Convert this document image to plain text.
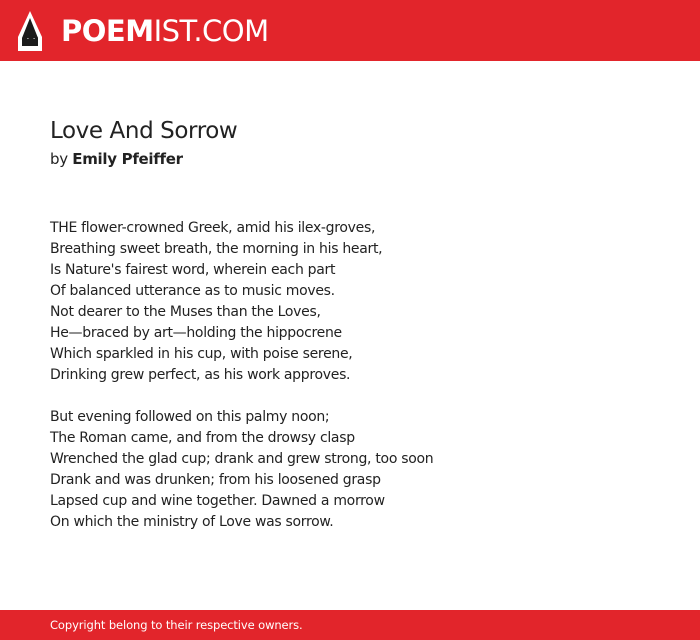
POEMIST.COM
Love And Sorrow

by Emily Pfeiffer

THE flower-crowned Greek, amid his ilex-groves,
Breathing sweet breath, the morning in his heart,
Is Nature's fairest word, wherein each part
Of balanced utterance as to music moves.
Not dearer to the Muses than the Loves,
He—braced by art—holding the hippocrene
Which sparkled in his cup, with poise serene,
Drinking grew perfect, as his work approves.

But evening followed on this palmy noon;
The Roman came, and from the drowsy clasp
Wrenched the glad cup; drank and grew strong, too soon
Drank and was drunken; from his loosened grasp
Lapsed cup and wine together. Dawned a morrow
On which the ministry of Love was sorrow.

Copyright belong to their respective owners.
